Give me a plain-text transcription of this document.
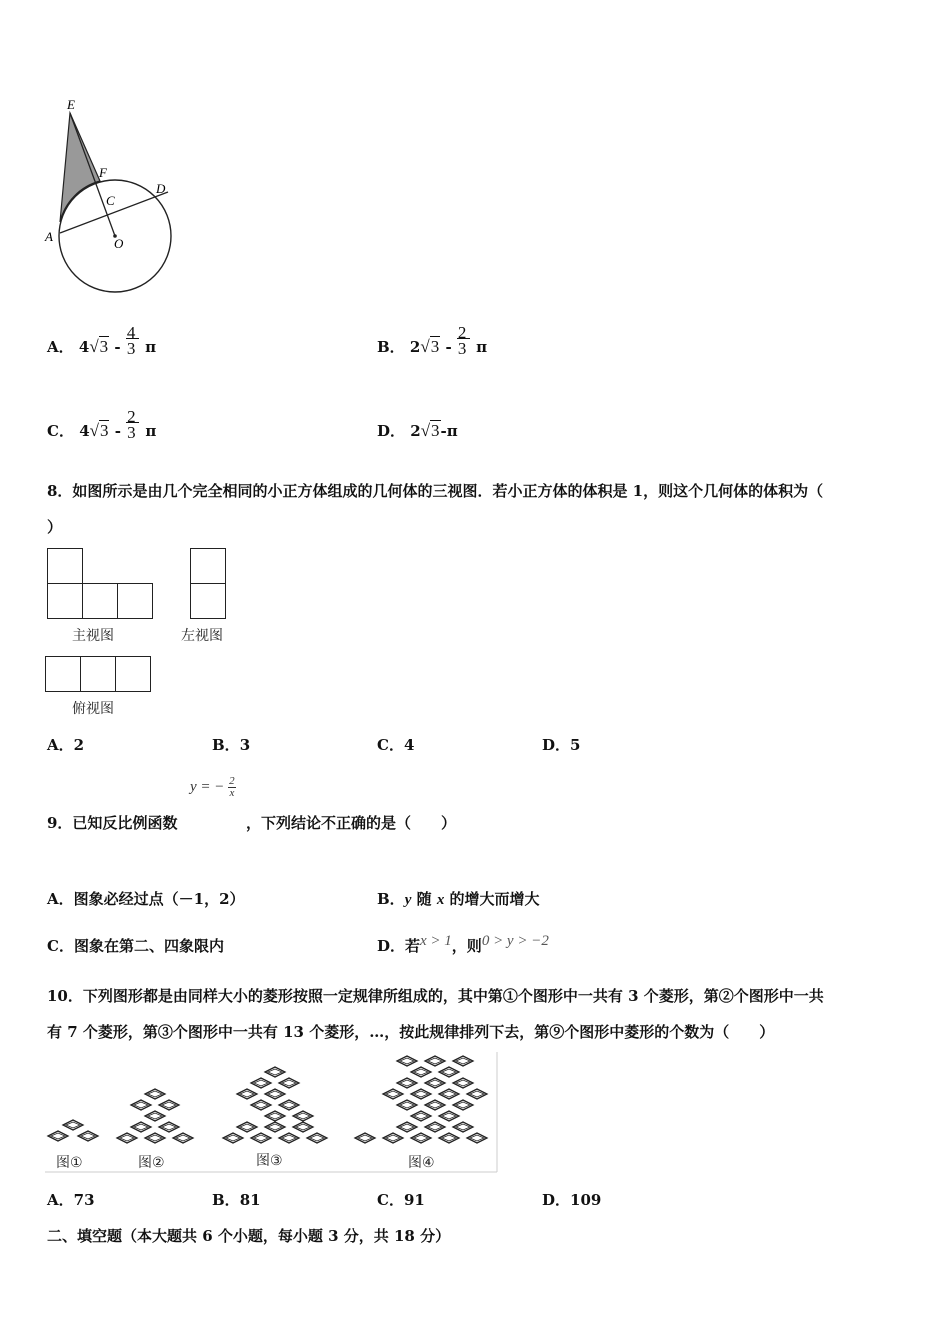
E
F
C
D
A	O
A． $4√3 - \frac{4}{3}$ π	B． $2√3 - \frac{2}{3}$ π
C． $4√3 - \frac{2}{3}$ π	D． 2√3-π
8．如图所示是由几个完全相同的小正方体组成的几何体的三视图．若小正方体的体积是 1，则这个几何体的体积为（
）
主视图	左视图
俯视图
A．2	B．3	C．4	D．5
y = − $\frac{2}{x}$
9．已知反比例函数	，下列结论不正确的是（　　）
A．图象必经过点（－1，2）	B．y 随 x 的增大而增大
C．图象在第二、四象限内	D．若x > 1，则0 > y > −2
10．下列图形都是由同样大小的菱形按照一定规律所组成的，其中第①个图形中一共有 3 个菱形，第②个图形中一共
有 7 个菱形，第③个图形中一共有 13 个菱形，…，按此规律排列下去，第⑨个图形中菱形的个数为（　　）
图①	图②	图③	图④
A．73	B．81	C．91	D．109
二、填空题（本大题共 6 个小题，每小题 3 分，共 18 分）
